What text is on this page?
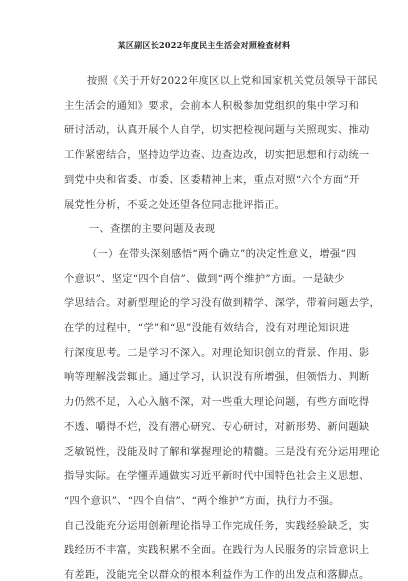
某区副区长2022年度民主生活会对照检查材料
按照《关于开好2022年度区以上党和国家机关党员领导干部民
主生活会的通知》要求，会前本人积极参加党组织的集中学习和
研讨活动，认真开展个人自学，切实把检视问题与关照现实、推动
工作紧密结合，坚持边学边查、边查边改，切实把思想和行动统一
到党中央和省委、市委、区委精神上来，重点对照“六个方面”开
展党性分析，不妥之处还望各位同志批评指正。
一、查摆的主要问题及表现
（一）在带头深刻感悟“两个确立”的决定性意义，增强“四
个意识”、坚定“四个自信”、做到“两个维护”方面。一是缺少
学思结合。对新型理论的学习没有做到精学、深学，带着问题去学，
在学的过程中，“学”和“思”没能有效结合，没有对理论知识进
行深度思考。二是学习不深入。对理论知识创立的背景、作用、影
响等理解浅尝辄止。通过学习，认识没有所增强，但领悟力、判断
力仍然不足，入心入脑不深，对一些重大理论问题，有些方面吃得
不透、嚼得不烂，没有潜心研究、专心研讨，对新形势、新问题缺
乏敏锐性，没能及时了解和掌握理论的精髓。三是没有充分运用理论
指导实际。在学懂弄通做实习近平新时代中国特色社会主义思想、
“四个意识”、“四个自信”、“两个维护”方面，执行力不强。
自己没能充分运用创新理论指导工作完成任务，实践经验缺乏，实
践经历不丰富，实践积累不全面。在践行为人民服务的宗旨意识上
有差距，没能完全以群众的根本利益作为工作的出发点和落脚点。
